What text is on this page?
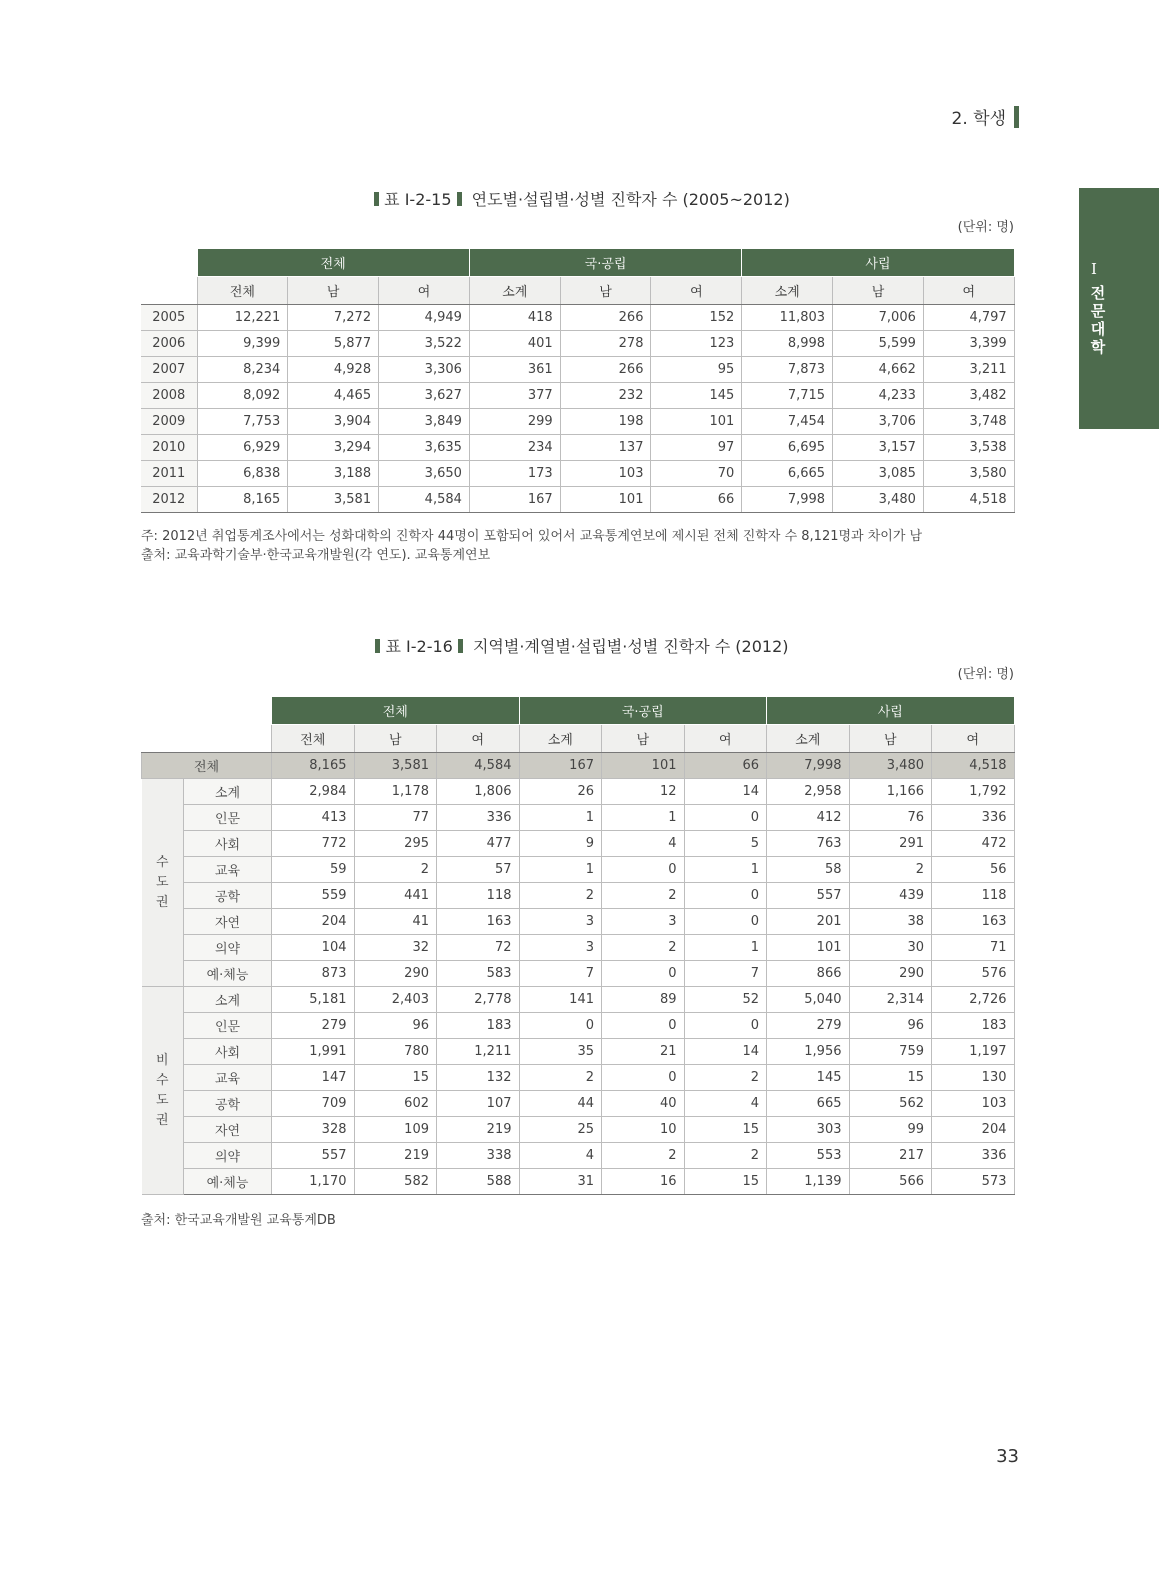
2. 학생
I
전문대학
표 Ⅰ-2-15 연도별·설립별·성별 진학자 수 (2005~2012)
(단위: 명)
	전체			국·공립			사립		
	전체	남	여	소계	남	여	소계	남	여
2005	12,221	7,272	4,949	418	266	152	11,803	7,006	4,797
2006	9,399	5,877	3,522	401	278	123	8,998	5,599	3,399
2007	8,234	4,928	3,306	361	266	95	7,873	4,662	3,211
2008	8,092	4,465	3,627	377	232	145	7,715	4,233	3,482
2009	7,753	3,904	3,849	299	198	101	7,454	3,706	3,748
2010	6,929	3,294	3,635	234	137	97	6,695	3,157	3,538
2011	6,838	3,188	3,650	173	103	70	6,665	3,085	3,580
2012	8,165	3,581	4,584	167	101	66	7,998	3,480	4,518
주: 2012년 취업통계조사에서는 성화대학의 진학자 44명이 포함되어 있어서 교육통계연보에 제시된 전체 진학자 수 8,121명과 차이가 남
출처: 교육과학기술부·한국교육개발원(각 연도). 교육통계연보
표 Ⅰ-2-16 지역별·계열별·설립별·성별 진학자 수 (2012)
(단위: 명)
		전체			국·공립			사립		
		전체	남	여	소계	남	여	소계	남	여
전체		8,165	3,581	4,584	167	101	66	7,998	3,480	4,518
수 도 권	소계	2,984	1,178	1,806	26	12	14	2,958	1,166	1,792
	인문	413	77	336	1	1	0	412	76	336
	사회	772	295	477	9	4	5	763	291	472
	교육	59	2	57	1	0	1	58	2	56
	공학	559	441	118	2	2	0	557	439	118
	자연	204	41	163	3	3	0	201	38	163
	의약	104	32	72	3	2	1	101	30	71
	예·체능	873	290	583	7	0	7	866	290	576
비 수 도 권	소계	5,181	2,403	2,778	141	89	52	5,040	2,314	2,726
	인문	279	96	183	0	0	0	279	96	183
	사회	1,991	780	1,211	35	21	14	1,956	759	1,197
	교육	147	15	132	2	0	2	145	15	130
	공학	709	602	107	44	40	4	665	562	103
	자연	328	109	219	25	10	15	303	99	204
	의약	557	219	338	4	2	2	553	217	336
	예·체능	1,170	582	588	31	16	15	1,139	566	573
출처: 한국교육개발원 교육통계DB
33
